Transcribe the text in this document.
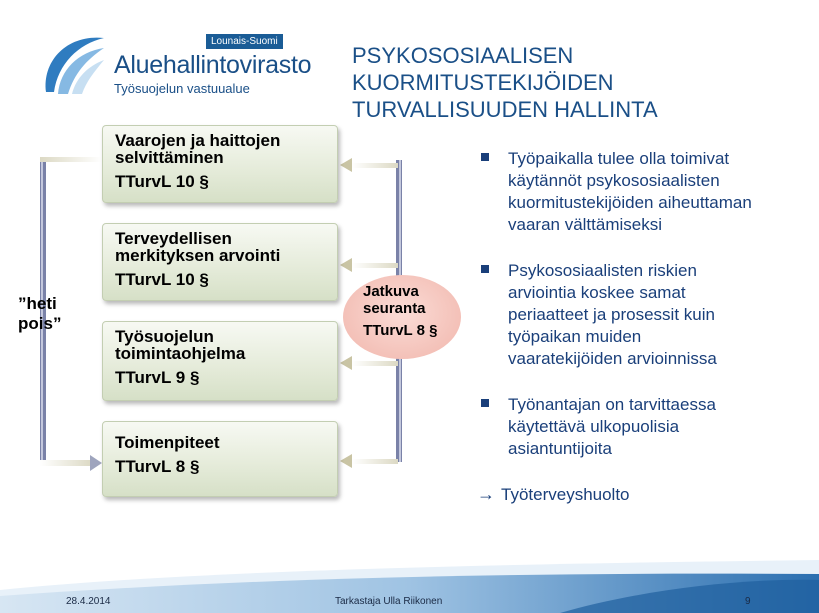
Lounais-Suomi
Aluehallintovirasto
Työsuojelun vastuualue
PSYKOSOSIAALISEN
KUORMITUSTEKIJÖIDEN
TURVALLISUUDEN HALLINTA
Vaarojen ja haittojen
selvittäminen
TTurvL 10 §
Terveydellisen
merkityksen arvointi
TTurvL 10 §
Työsuojelun
toimintaohjelma
TTurvL 9 §
Toimenpiteet
TTurvL 8 §
”heti
pois”
Jatkuva
seuranta
TTurvL 8 §
Työpaikalla tulee olla toimivat
käytännöt psykososiaalisten
kuormitustekijöiden aiheuttaman
vaaran välttämiseksi
Psykososiaalisten riskien
arviointia koskee samat
periaatteet ja prosessit kuin
työpaikan muiden
vaaratekijöiden arvioinnissa
Työnantajan on tarvittaessa
käytettävä ulkopuolisia
asiantuntijoita
→ Työterveyshuolto
28.4.2014	Tarkastaja Ulla Riikonen	9
